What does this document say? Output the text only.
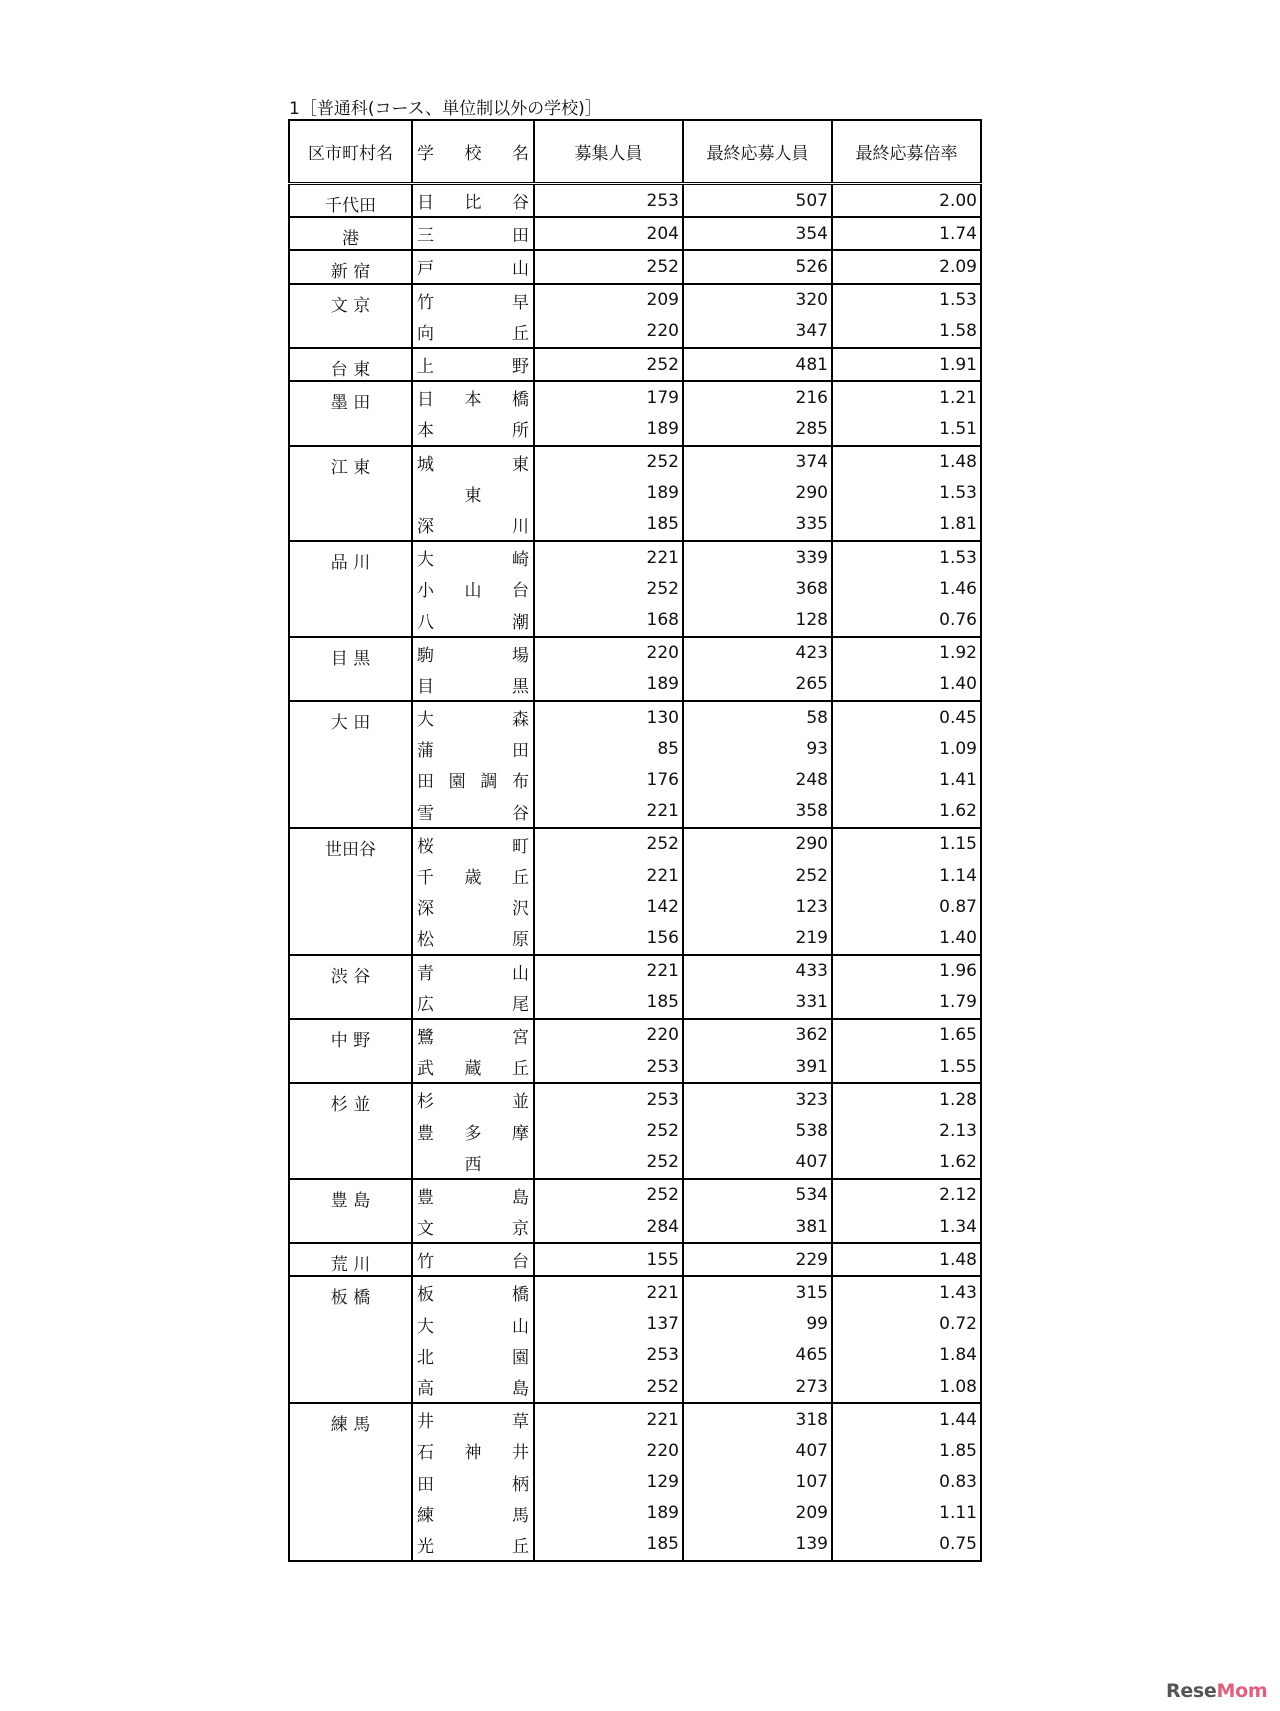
1［普通科(コース、単位制以外の学校)］
区市町村名	学 校 名	募集人員	最終応募人員	最終応募倍率

千代田	日 比 谷	253	507	2.00

港	三 田	204	354	1.74

新 宿	戸 山	252	526	2.09

文 京	竹 早	209	320	1.53

	向 丘	220	347	1.58

台 東	上 野	252	481	1.91

墨 田	日 本 橋	179	216	1.21

	本 所	189	285	1.51

江 東	城 東	252	374	1.48

	東	189	290	1.53

	深 川	185	335	1.81

品 川	大 崎	221	339	1.53

	小 山 台	252	368	1.46

	八 潮	168	128	0.76

目 黒	駒 場	220	423	1.92

	目 黒	189	265	1.40

大 田	大 森	130	58	0.45

	蒲 田	85	93	1.09

	田 園 調 布	176	248	1.41

	雪 谷	221	358	1.62

世田谷	桜 町	252	290	1.15

	千 歳 丘	221	252	1.14

	深 沢	142	123	0.87

	松 原	156	219	1.40

渋 谷	青 山	221	433	1.96

	広 尾	185	331	1.79

中 野	鷺 宮	220	362	1.65

	武 蔵 丘	253	391	1.55

杉 並	杉 並	253	323	1.28

	豊 多 摩	252	538	2.13

	西	252	407	1.62

豊 島	豊 島	252	534	2.12

	文 京	284	381	1.34

荒 川	竹 台	155	229	1.48

板 橋	板 橋	221	315	1.43

	大 山	137	99	0.72

	北 園	253	465	1.84

	高 島	252	273	1.08

練 馬	井 草	221	318	1.44

	石 神 井	220	407	1.85

	田 柄	129	107	0.83

	練 馬	189	209	1.11

	光 丘	185	139	0.75
ReseMom
